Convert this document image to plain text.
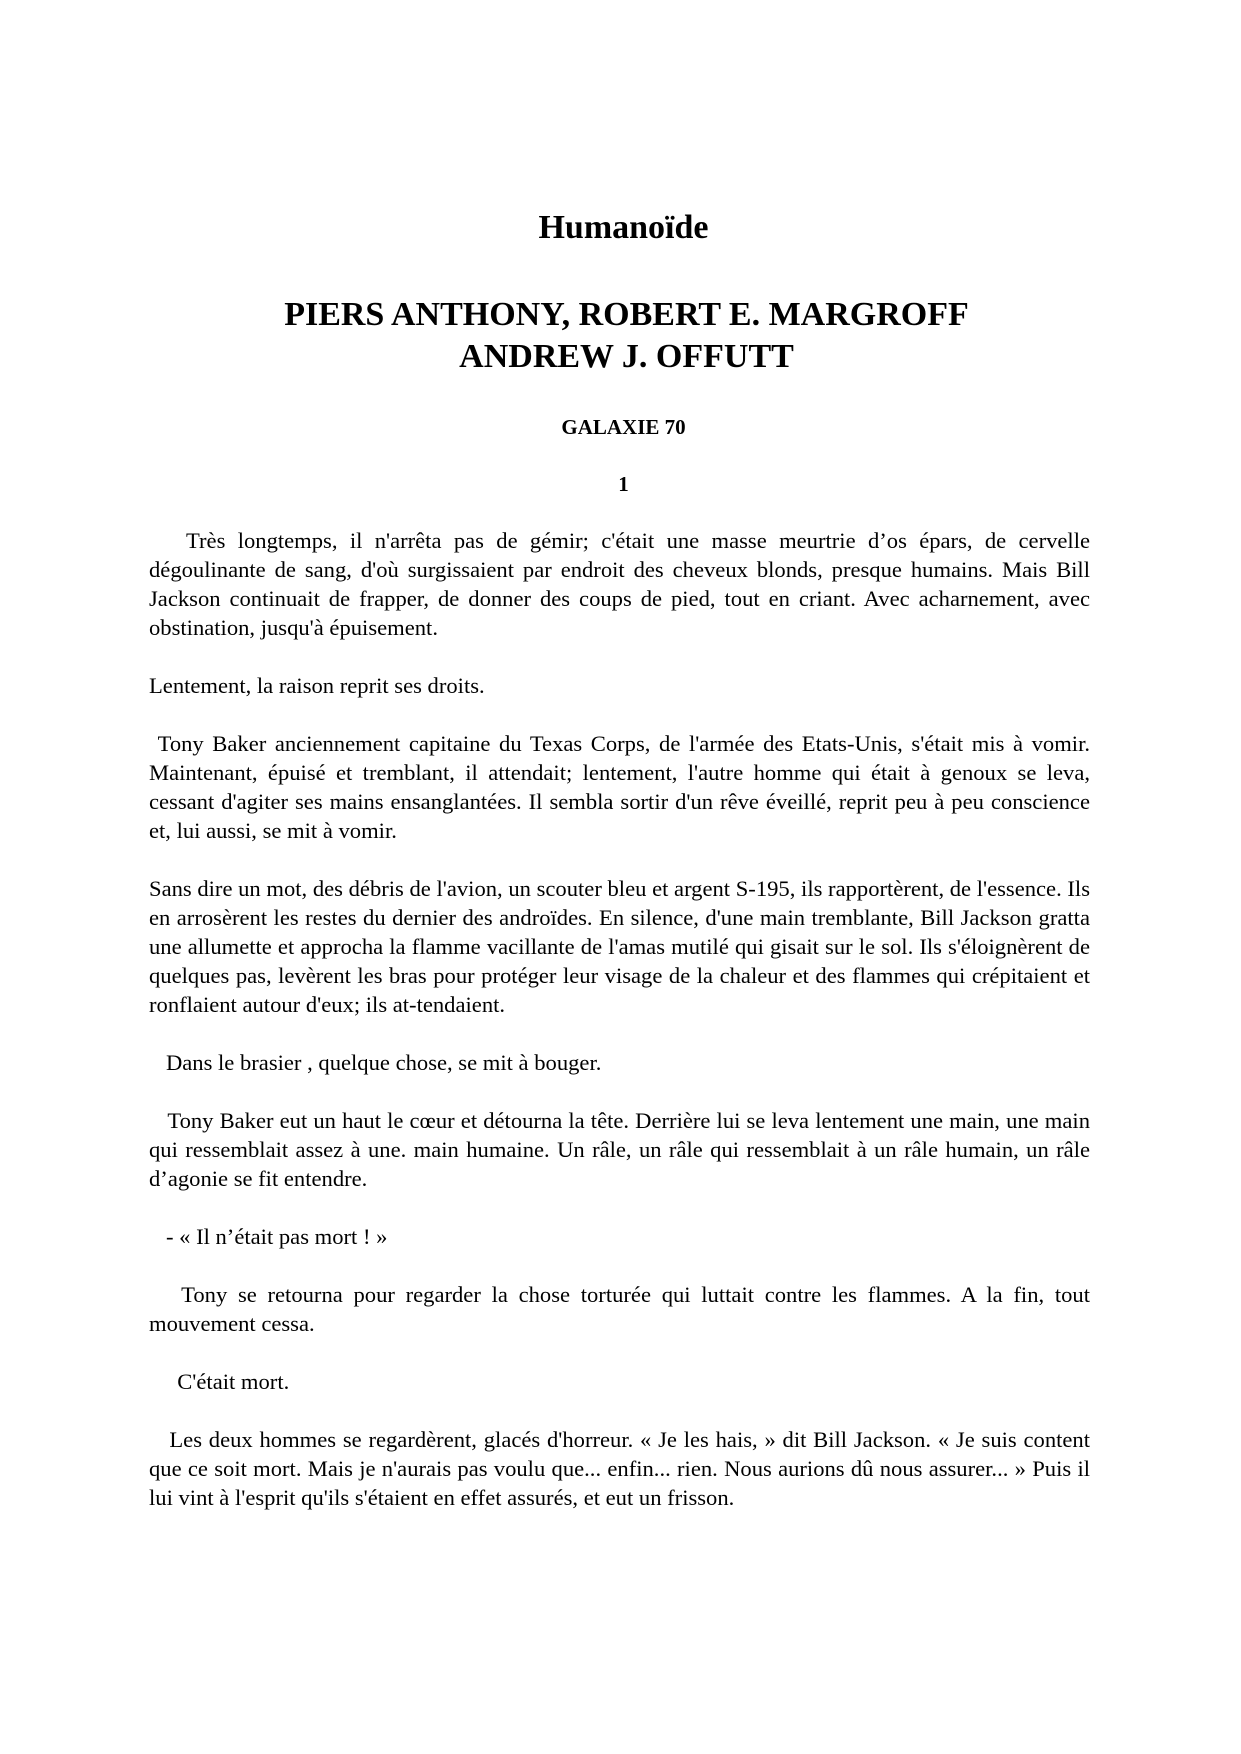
Humanoïde
PIERS ANTHONY, ROBERT E. MARGROFF
ANDREW J. OFFUTT
GALAXIE 70
1

Très longtemps, il n'arrêta pas de gémir; c'était une masse meurtrie d’os épars, de cervelle dégoulinante de sang, d'où surgissaient par endroit des cheveux blonds, presque humains. Mais Bill Jackson continuait de frapper, de donner des coups de pied, tout en criant. Avec acharnement, avec obstination, jusqu'à épuisement.

Lentement, la raison reprit ses droits.

Tony Baker anciennement capitaine du Texas Corps, de l'armée des Etats-Unis, s'était mis à vomir. Maintenant, épuisé et tremblant, il attendait; lentement, l'autre homme qui était à genoux se leva, cessant d'agiter ses mains ensanglantées. Il sembla sortir d'un rêve éveillé, reprit peu à peu conscience et, lui aussi, se mit à vomir.

Sans dire un mot, des débris de l'avion, un scouter bleu et argent S-195, ils rapportèrent, de l'essence. Ils en arrosèrent les restes du dernier des androïdes. En silence, d'une main tremblante, Bill Jackson gratta une allumette et approcha la flamme vacillante de l'amas mutilé qui gisait sur le sol. Ils s'éloignèrent de quelques pas, levèrent les bras pour protéger leur visage de la chaleur et des flammes qui crépitaient et ronflaient autour d'eux; ils at-tendaient.

Dans le brasier , quelque chose, se mit à bouger.

Tony Baker eut un haut le cœur et détourna la tête. Derrière lui se leva lentement une main, une main qui ressemblait assez à une. main humaine. Un râle, un râle qui ressemblait à un râle humain, un râle d’agonie se fit entendre.

- « Il n’était pas mort ! »

Tony se retourna pour regarder la chose torturée qui luttait contre les flammes. A la fin, tout mouvement cessa.

C'était mort.

Les deux hommes se regardèrent, glacés d'horreur. « Je les hais, » dit Bill Jackson. « Je suis content que ce soit mort. Mais je n'aurais pas voulu que... enfin... rien. Nous aurions dû nous assurer... » Puis il lui vint à l'esprit qu'ils s'étaient en effet assurés, et eut un frisson.
